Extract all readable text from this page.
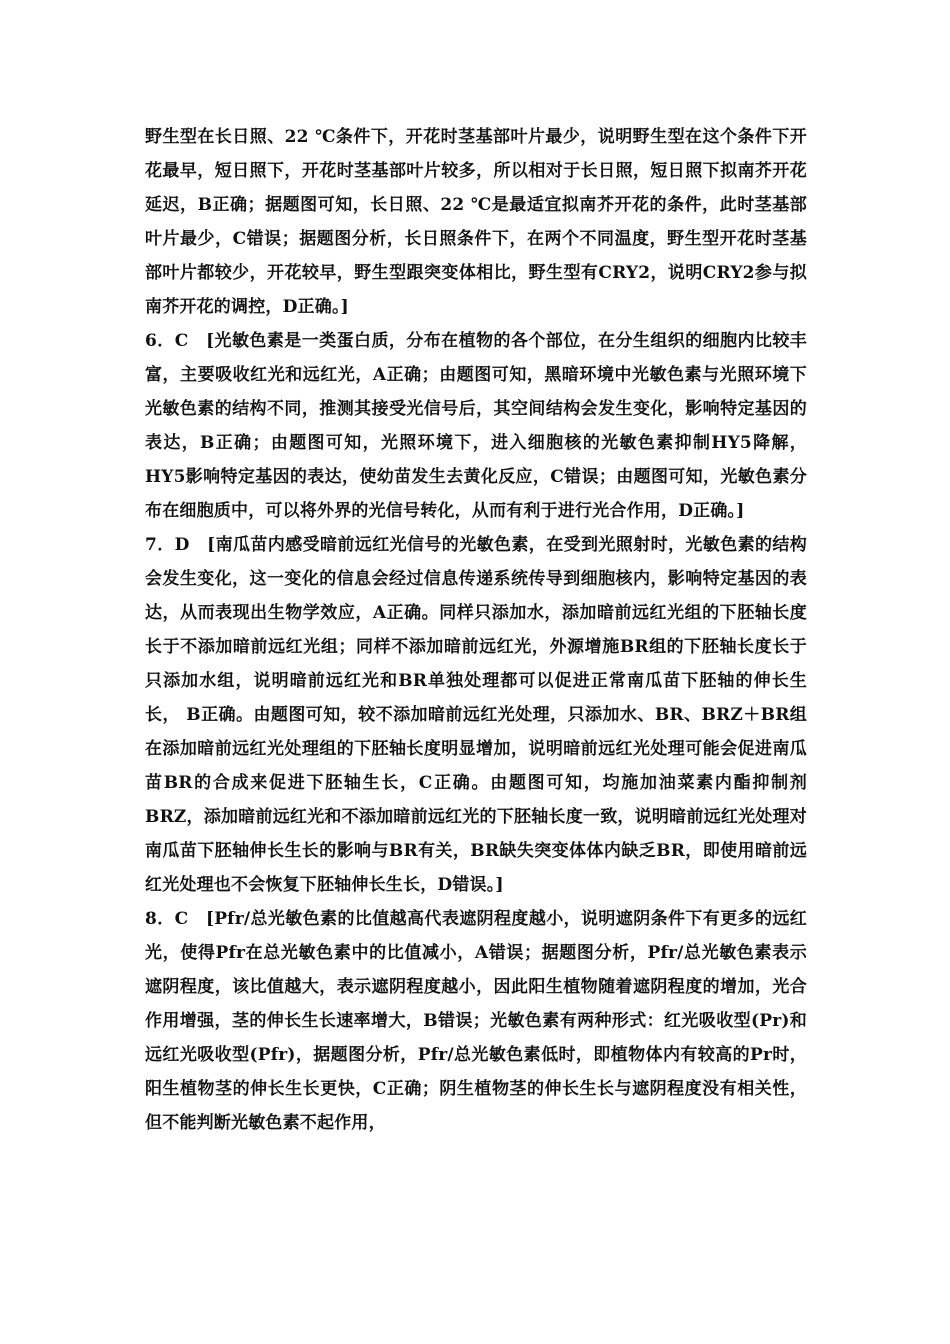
野生型在长日照、22 ℃条件下，开花时茎基部叶片最少，说明野生型在这个条件下开花最早，短日照下，开花时茎基部叶片较多，所以相对于长日照，短日照下拟南芥开花延迟，B正确；据题图可知，长日照、22 ℃是最适宜拟南芥开花的条件，此时茎基部叶片最少，C错误；据题图分析，长日照条件下，在两个不同温度，野生型开花时茎基部叶片都较少，开花较早，野生型跟突变体相比，野生型有CRY2，说明CRY2参与拟南芥开花的调控，D正确。]

6．C　[光敏色素是一类蛋白质，分布在植物的各个部位，在分生组织的细胞内比较丰富，主要吸收红光和远红光，A正确；由题图可知，黑暗环境中光敏色素与光照环境下光敏色素的结构不同，推测其接受光信号后，其空间结构会发生变化，影响特定基因的表达，B正确；由题图可知，光照环境下，进入细胞核的光敏色素抑制HY5降解，HY5影响特定基因的表达，使幼苗发生去黄化反应，C错误；由题图可知，光敏色素分布在细胞质中，可以将外界的光信号转化，从而有利于进行光合作用，D正确。]

7．D　[南瓜苗内感受暗前远红光信号的光敏色素，在受到光照射时，光敏色素的结构会发生变化，这一变化的信息会经过信息传递系统传导到细胞核内，影响特定基因的表达，从而表现出生物学效应，A正确。同样只添加水，添加暗前远红光组的下胚轴长度长于不添加暗前远红光组；同样不添加暗前远红光，外源增施BR组的下胚轴长度长于只添加水组，说明暗前远红光和BR单独处理都可以促进正常南瓜苗下胚轴的伸长生长， B正确。由题图可知，较不添加暗前远红光处理，只添加水、BR、BRZ＋BR组在添加暗前远红光处理组的下胚轴长度明显增加，说明暗前远红光处理可能会促进南瓜苗BR的合成来促进下胚轴生长，C正确。由题图可知，均施加油菜素内酯抑制剂BRZ，添加暗前远红光和不添加暗前远红光的下胚轴长度一致，说明暗前远红光处理对南瓜苗下胚轴伸长生长的影响与BR有关，BR缺失突变体体内缺乏BR，即使用暗前远红光处理也不会恢复下胚轴伸长生长，D错误。]

8．C　[Pfr/总光敏色素的比值越高代表遮阴程度越小，说明遮阴条件下有更多的远红光，使得Pfr在总光敏色素中的比值减小，A错误；据题图分析，Pfr/总光敏色素表示遮阴程度，该比值越大，表示遮阴程度越小，因此阳生植物随着遮阴程度的增加，光合作用增强，茎的伸长生长速率增大，B错误；光敏色素有两种形式：红光吸收型(Pr)和远红光吸收型(Pfr)，据题图分析，Pfr/总光敏色素低时，即植物体内有较高的Pr时，阳生植物茎的伸长生长更快，C正确；阴生植物茎的伸长生长与遮阴程度没有相关性，但不能判断光敏色素不起作用，
